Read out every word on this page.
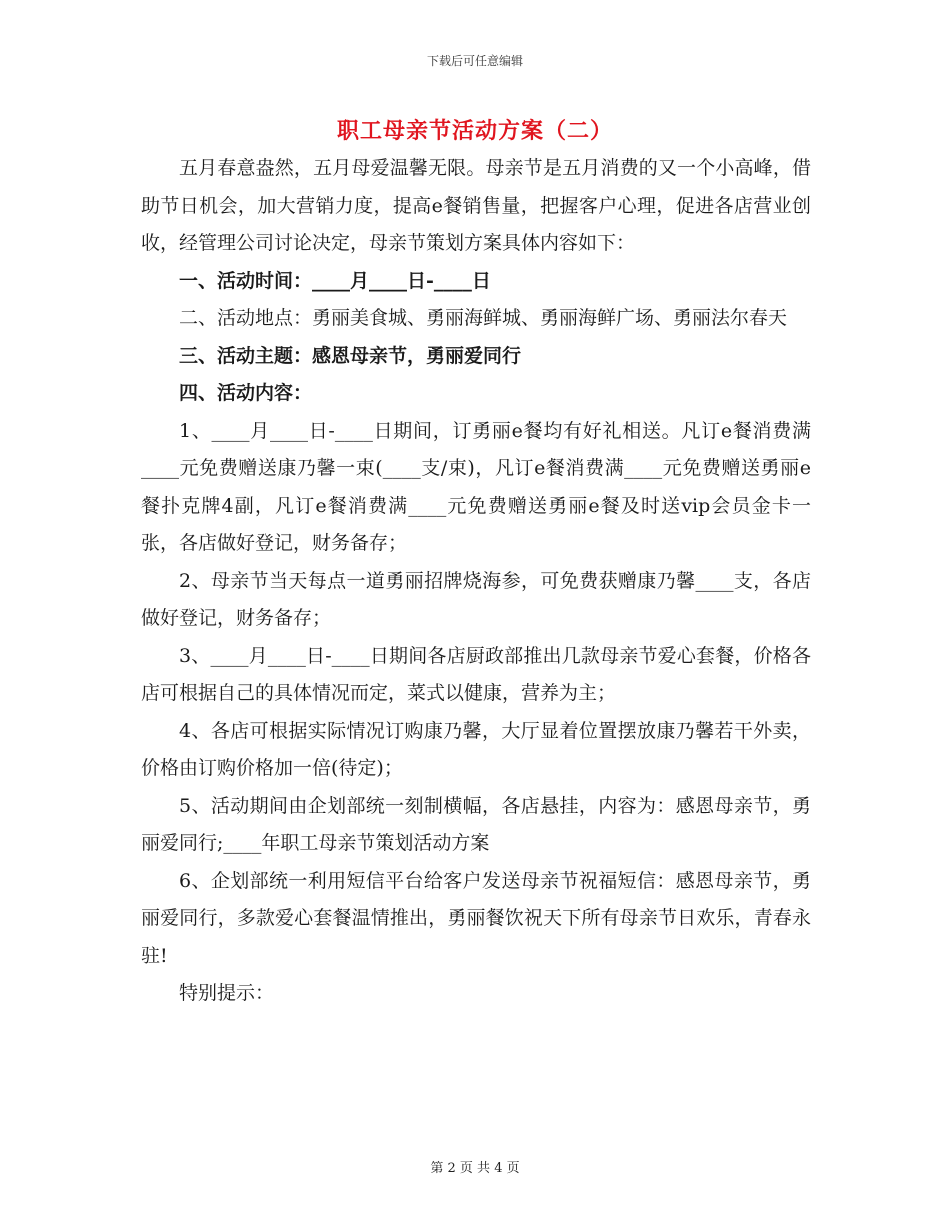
下载后可任意编辑
职工母亲节活动方案（二）

五月春意盎然，五月母爱温馨无限。母亲节是五月消费的又一个小高峰，借助节日机会，加大营销力度，提高e餐销售量，把握客户心理，促进各店营业创收，经管理公司讨论决定，母亲节策划方案具体内容如下：

一、活动时间：____月____日-____日

二、活动地点：勇丽美食城、勇丽海鲜城、勇丽海鲜广场、勇丽法尔春天

三、活动主题：感恩母亲节，勇丽爱同行

四、活动内容：

1、____月____日-____日期间，订勇丽e餐均有好礼相送。凡订e餐消费满____元免费赠送康乃馨一束(____支/束)，凡订e餐消费满____元免费赠送勇丽e餐扑克牌4副，凡订e餐消费满____元免费赠送勇丽e餐及时送vip会员金卡一张，各店做好登记，财务备存；

2、母亲节当天每点一道勇丽招牌烧海参，可免费获赠康乃馨____支，各店做好登记，财务备存；

3、____月____日-____日期间各店厨政部推出几款母亲节爱心套餐，价格各店可根据自己的具体情况而定，菜式以健康，营养为主；

4、各店可根据实际情况订购康乃馨，大厅显着位置摆放康乃馨若干外卖，价格由订购价格加一倍(待定)；

5、活动期间由企划部统一刻制横幅，各店悬挂，内容为：感恩母亲节，勇丽爱同行;____年职工母亲节策划活动方案

6、企划部统一利用短信平台给客户发送母亲节祝福短信：感恩母亲节，勇丽爱同行，多款爱心套餐温情推出，勇丽餐饮祝天下所有母亲节日欢乐，青春永驻!

特别提示：

第 2 页 共 4 页
